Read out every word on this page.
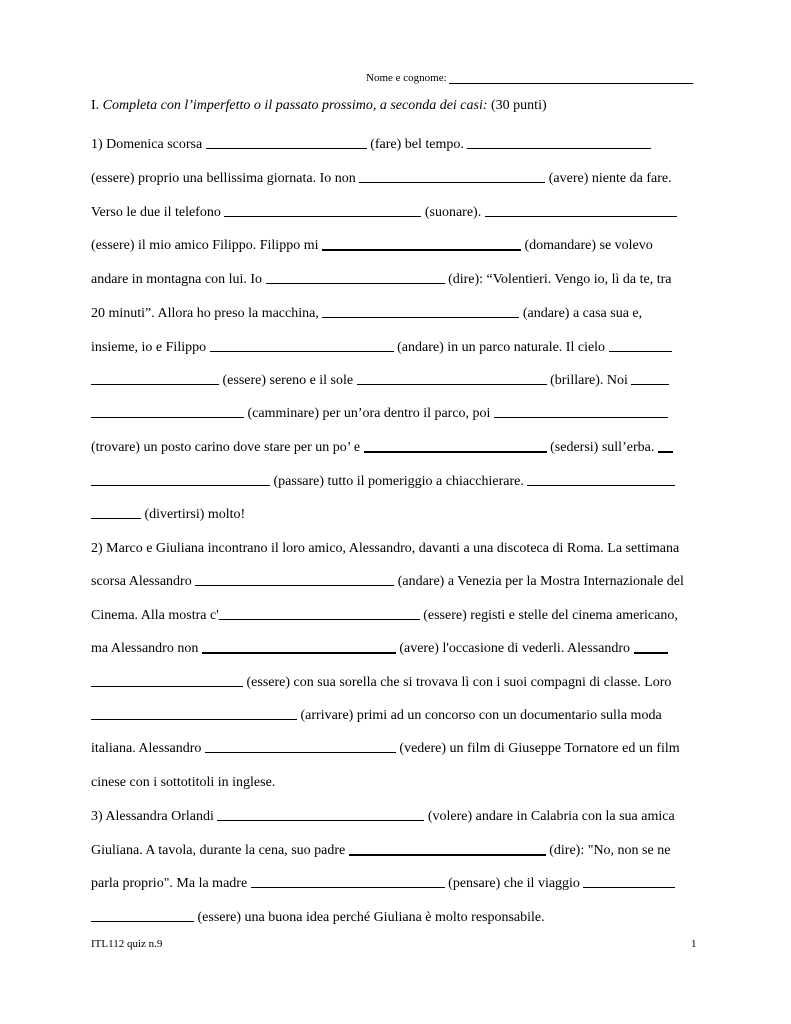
Nome e cognome:
I. Completa con l’imperfetto o il passato prossimo, a seconda dei casi: (30 punti)
1) Domenica scorsa	(fare) bel tempo.
(essere) proprio una bellissima giornata. Io non	(avere) niente da fare.
Verso le due il telefono	(suonare).
(essere) il mio amico Filippo. Filippo mi	(domandare) se volevo
andare in montagna con lui. Io	(dire): “Volentieri. Vengo io, lì da te, tra
20 minuti”. Allora ho preso la macchina,	(andare) a casa sua e,
insieme, io e Filippo	(andare) in un parco naturale. Il cielo
(essere) sereno e il sole	(brillare). Noi
(camminare) per un’ora dentro il parco, poi
(trovare) un posto carino dove stare per un po’ e	(sedersi) sull’erba.
(passare) tutto il pomeriggio a chiacchierare.
(divertirsi) molto!
2) Marco e Giuliana incontrano il loro amico, Alessandro, davanti a una discoteca di Roma. La settimana
scorsa Alessandro	(andare) a Venezia per la Mostra Internazionale del
Cinema. Alla mostra c'	(essere) registi e stelle del cinema americano,
ma Alessandro non	(avere) l'occasione di vederli. Alessandro
(essere) con sua sorella che si trovava lì con i suoi compagni di classe. Loro
(arrivare) primi ad un concorso con un documentario sulla moda
italiana. Alessandro	(vedere) un film di Giuseppe Tornatore ed un film
cinese con i sottotitoli in inglese.
3) Alessandra Orlandi	(volere) andare in Calabria con la sua amica
Giuliana. A tavola, durante la cena, suo padre	(dire): "No, non se ne
parla proprio". Ma la madre	(pensare) che il viaggio
(essere) una buona idea perché Giuliana è molto responsabile.
ITL112 quiz n.9	1
